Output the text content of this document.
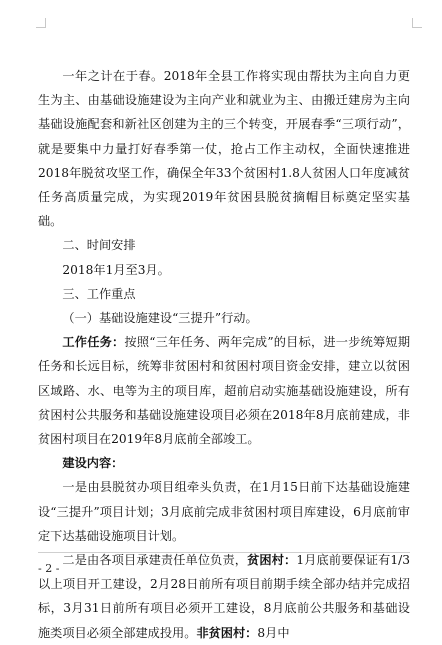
一年之计在于春。2018年全县工作将实现由帮扶为主向自力更生为主、由基础设施建设为主向产业和就业为主、由搬迁建房为主向基础设施配套和新社区创建为主的三个转变，开展春季“三项行动”，就是要集中力量打好春季第一仗，抢占工作主动权，全面快速推进2018年脱贫攻坚工作，确保全年33个贫困村1.8人贫困人口年度减贫任务高质量完成，为实现2019年贫困县脱贫摘帽目标奠定坚实基础。

二、时间安排

2018年1月至3月。

三、工作重点

（一）基础设施建设“三提升”行动。

工作任务：按照“三年任务、两年完成”的目标，进一步统筹短期任务和长远目标，统筹非贫困村和贫困村项目资金安排，建立以贫困区域路、水、电等为主的项目库，超前启动实施基础设施建设，所有贫困村公共服务和基础设施建设项目必须在2018年8月底前建成，非贫困村项目在2019年8月底前全部竣工。

建设内容：

一是由县脱贫办项目组牵头负责，在1月15日前下达基础设施建设“三提升”项目计划；3月底前完成非贫困村项目库建设，6月底前审定下达基础设施项目计划。

二是由各项目承建责任单位负责，贫困村：1月底前要保证有1/3以上项目开工建设，2月28日前所有项目前期手续全部办结并完成招标，3月31日前所有项目必须开工建设，8月底前公共服务和基础设施类项目必须全部建成投用。非贫困村：8月中

- 2 -
